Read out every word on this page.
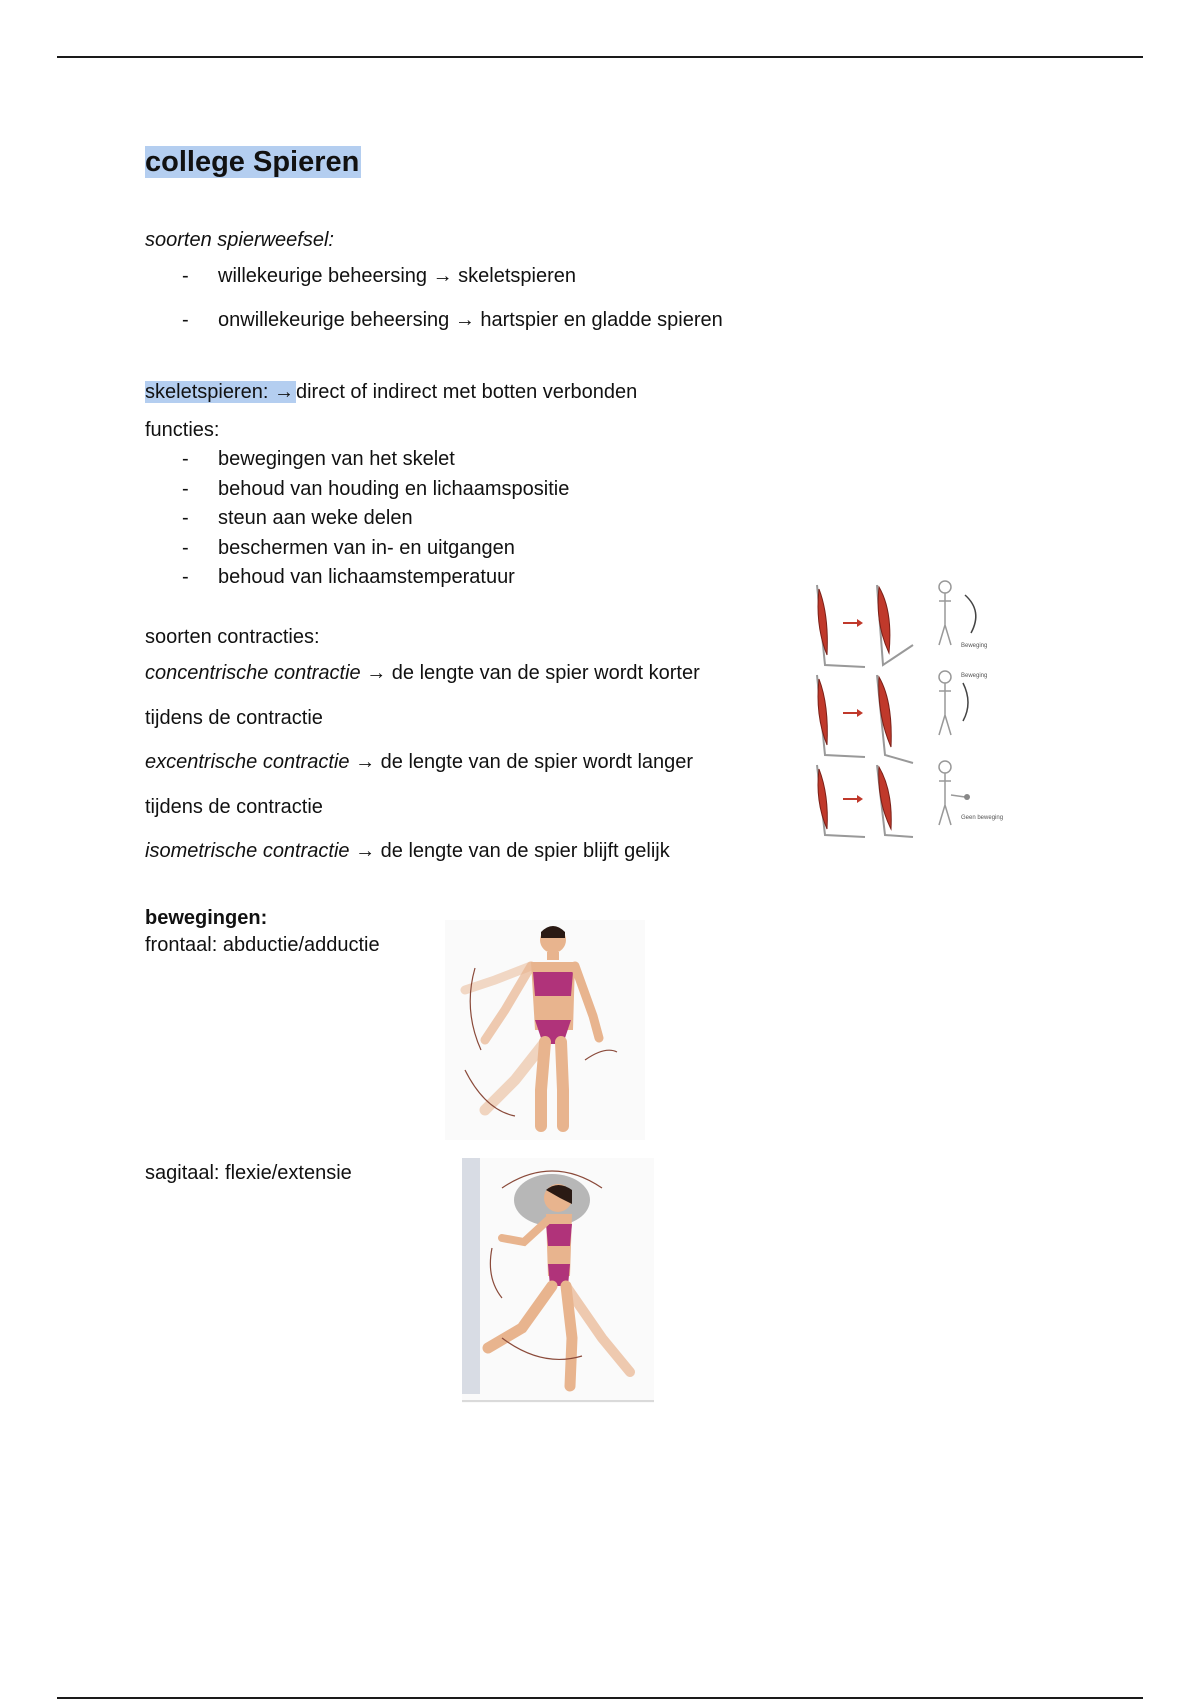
college Spieren
soorten spierweefsel:
- willekeurige beheersing → skeletspieren
- onwillekeurige beheersing → hartspier en gladde spieren
skeletspieren: → direct of indirect met botten verbonden
functies:
- bewegingen van het skelet
- behoud van houding en lichaamspositie
- steun aan weke delen
- beschermen van in- en uitgangen
- behoud van lichaamstemperatuur
soorten contracties:
concentrische contractie → de lengte van de spier wordt korter
tijdens de contractie
excentrische contractie → de lengte van de spier wordt langer
tijdens de contractie
isometrische contractie → de lengte van de spier blijft gelijk
Beweging
Beweging
Geen beweging
bewegingen:
frontaal: abductie/adductie
sagitaal: flexie/extensie
